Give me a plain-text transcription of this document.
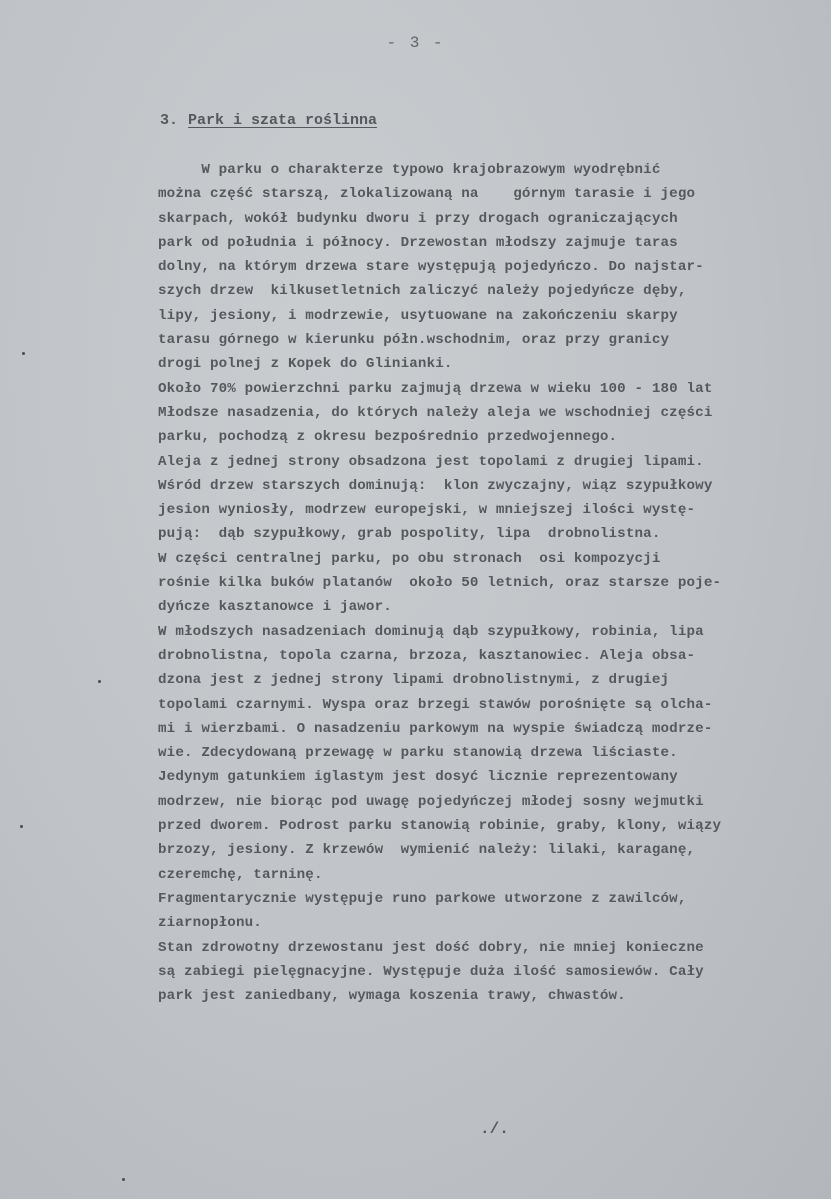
- 3 -
3. Park i szata roślinna
W parku o charakterze typowo krajobrazowym wyodrębnić
można część starszą, zlokalizowaną na    górnym tarasie i jego
skarpach, wokół budynku dworu i przy drogach ograniczających
park od południa i północy. Drzewostan młodszy zajmuje taras
dolny, na którym drzewa stare występują pojedyńczo. Do najstar-
szych drzew  kilkusetletnich zaliczyć należy pojedyńcze dęby,
lipy, jesiony, i modrzewie, usytuowane na zakończeniu skarpy
tarasu górnego w kierunku półn.wschodnim, oraz przy granicy
drogi polnej z Kopek do Glinianki.
Około 70% powierzchni parku zajmują drzewa w wieku 100 - 180 lat
Młodsze nasadzenia, do których należy aleja we wschodniej części
parku, pochodzą z okresu bezpośrednio przedwojennego.
Aleja z jednej strony obsadzona jest topolami z drugiej lipami.
Wśród drzew starszych dominują:  klon zwyczajny, wiąz szypułkowy
jesion wyniosły, modrzew europejski, w mniejszej ilości wystę-
pują:  dąb szypułkowy, grab pospolity, lipa  drobnolistna.
W części centralnej parku, po obu stronach  osi kompozycji
rośnie kilka buków platanów  około 50 letnich, oraz starsze poje-
dyńcze kasztanowce i jawor.
W młodszych nasadzeniach dominują dąb szypułkowy, robinia, lipa
drobnolistna, topola czarna, brzoza, kasztanowiec. Aleja obsa-
dzona jest z jednej strony lipami drobnolistnymi, z drugiej
topolami czarnymi. Wyspa oraz brzegi stawów porośnięte są olcha-
mi i wierzbami. O nasadzeniu parkowym na wyspie świadczą modrze-
wie. Zdecydowaną przewagę w parku stanowią drzewa liściaste.
Jedynym gatunkiem iglastym jest dosyć licznie reprezentowany
modrzew, nie biorąc pod uwagę pojedyńczej młodej sosny wejmutki
przed dworem. Podrost parku stanowią robinie, graby, klony, wiązy
brzozy, jesiony. Z krzewów  wymienić należy: lilaki, karaganę,
czeremchę, tarninę.
Fragmentarycznie występuje runo parkowe utworzone z zawilców,
ziarnopłonu.
Stan zdrowotny drzewostanu jest dość dobry, nie mniej konieczne
są zabiegi pielęgnacyjne. Występuje duża ilość samosiewów. Cały
park jest zaniedbany, wymaga koszenia trawy, chwastów.
./.
